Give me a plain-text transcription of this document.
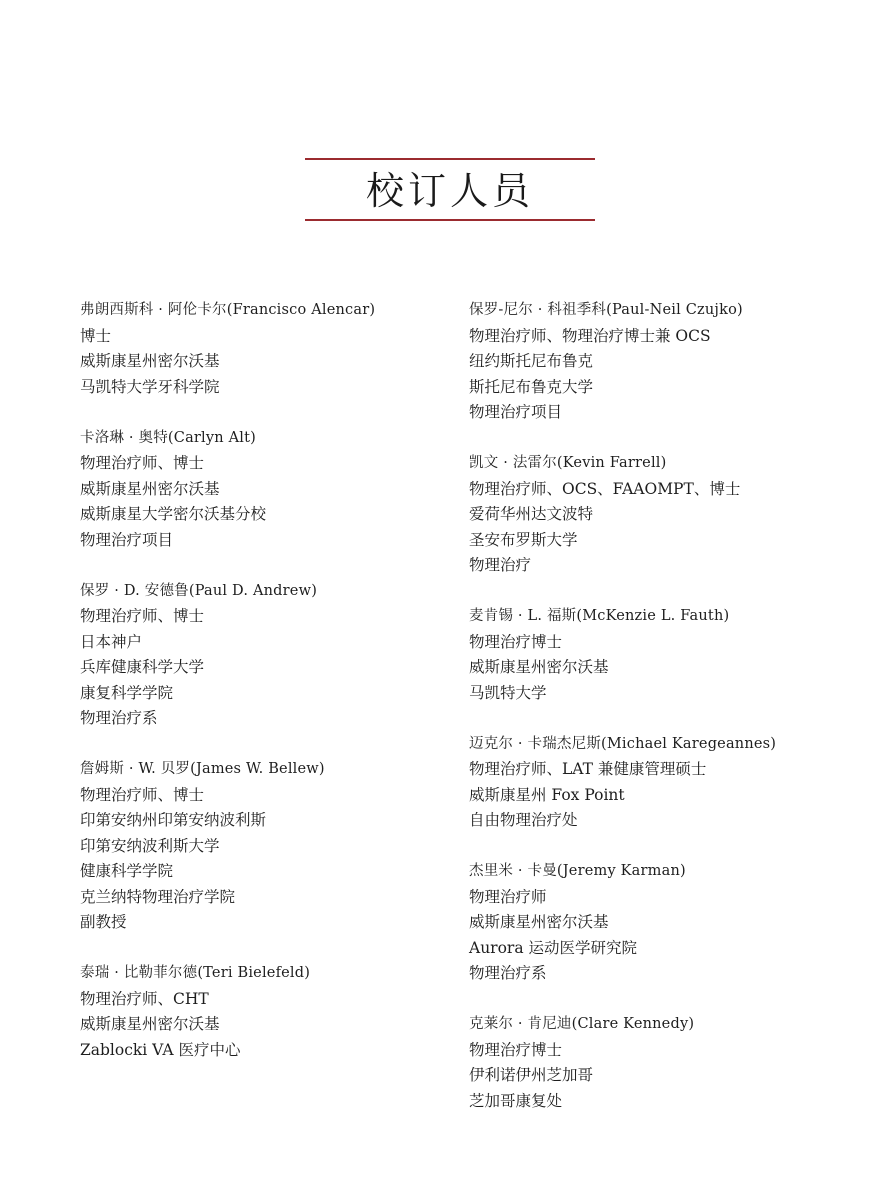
校订人员
弗朗西斯科 · 阿伦卡尔(Francisco Alencar)
博士
威斯康星州密尔沃基
马凯特大学牙科学院
卡洛琳 · 奥特(Carlyn Alt)
物理治疗师、博士
威斯康星州密尔沃基
威斯康星大学密尔沃基分校
物理治疗项目
保罗 · D. 安德鲁(Paul D. Andrew)
物理治疗师、博士
日本神户
兵库健康科学大学
康复科学学院
物理治疗系
詹姆斯 · W. 贝罗(James W. Bellew)
物理治疗师、博士
印第安纳州印第安纳波利斯
印第安纳波利斯大学
健康科学学院
克兰纳特物理治疗学院
副教授
泰瑞 · 比勒菲尔德(Teri Bielefeld)
物理治疗师、CHT
威斯康星州密尔沃基
Zablocki VA 医疗中心
保罗-尼尔 · 科祖季科(Paul-Neil Czujko)
物理治疗师、物理治疗博士兼 OCS
纽约斯托尼布鲁克
斯托尼布鲁克大学
物理治疗项目
凯文 · 法雷尔(Kevin Farrell)
物理治疗师、OCS、FAAOMPT、博士
爱荷华州达文波特
圣安布罗斯大学
物理治疗
麦肯锡 · L. 福斯(McKenzie L. Fauth)
物理治疗博士
威斯康星州密尔沃基
马凯特大学
迈克尔 · 卡瑞杰尼斯(Michael Karegeannes)
物理治疗师、LAT 兼健康管理硕士
威斯康星州 Fox Point
自由物理治疗处
杰里米 · 卡曼(Jeremy Karman)
物理治疗师
威斯康星州密尔沃基
Aurora 运动医学研究院
物理治疗系
克莱尔 · 肯尼迪(Clare Kennedy)
物理治疗博士
伊利诺伊州芝加哥
芝加哥康复处
